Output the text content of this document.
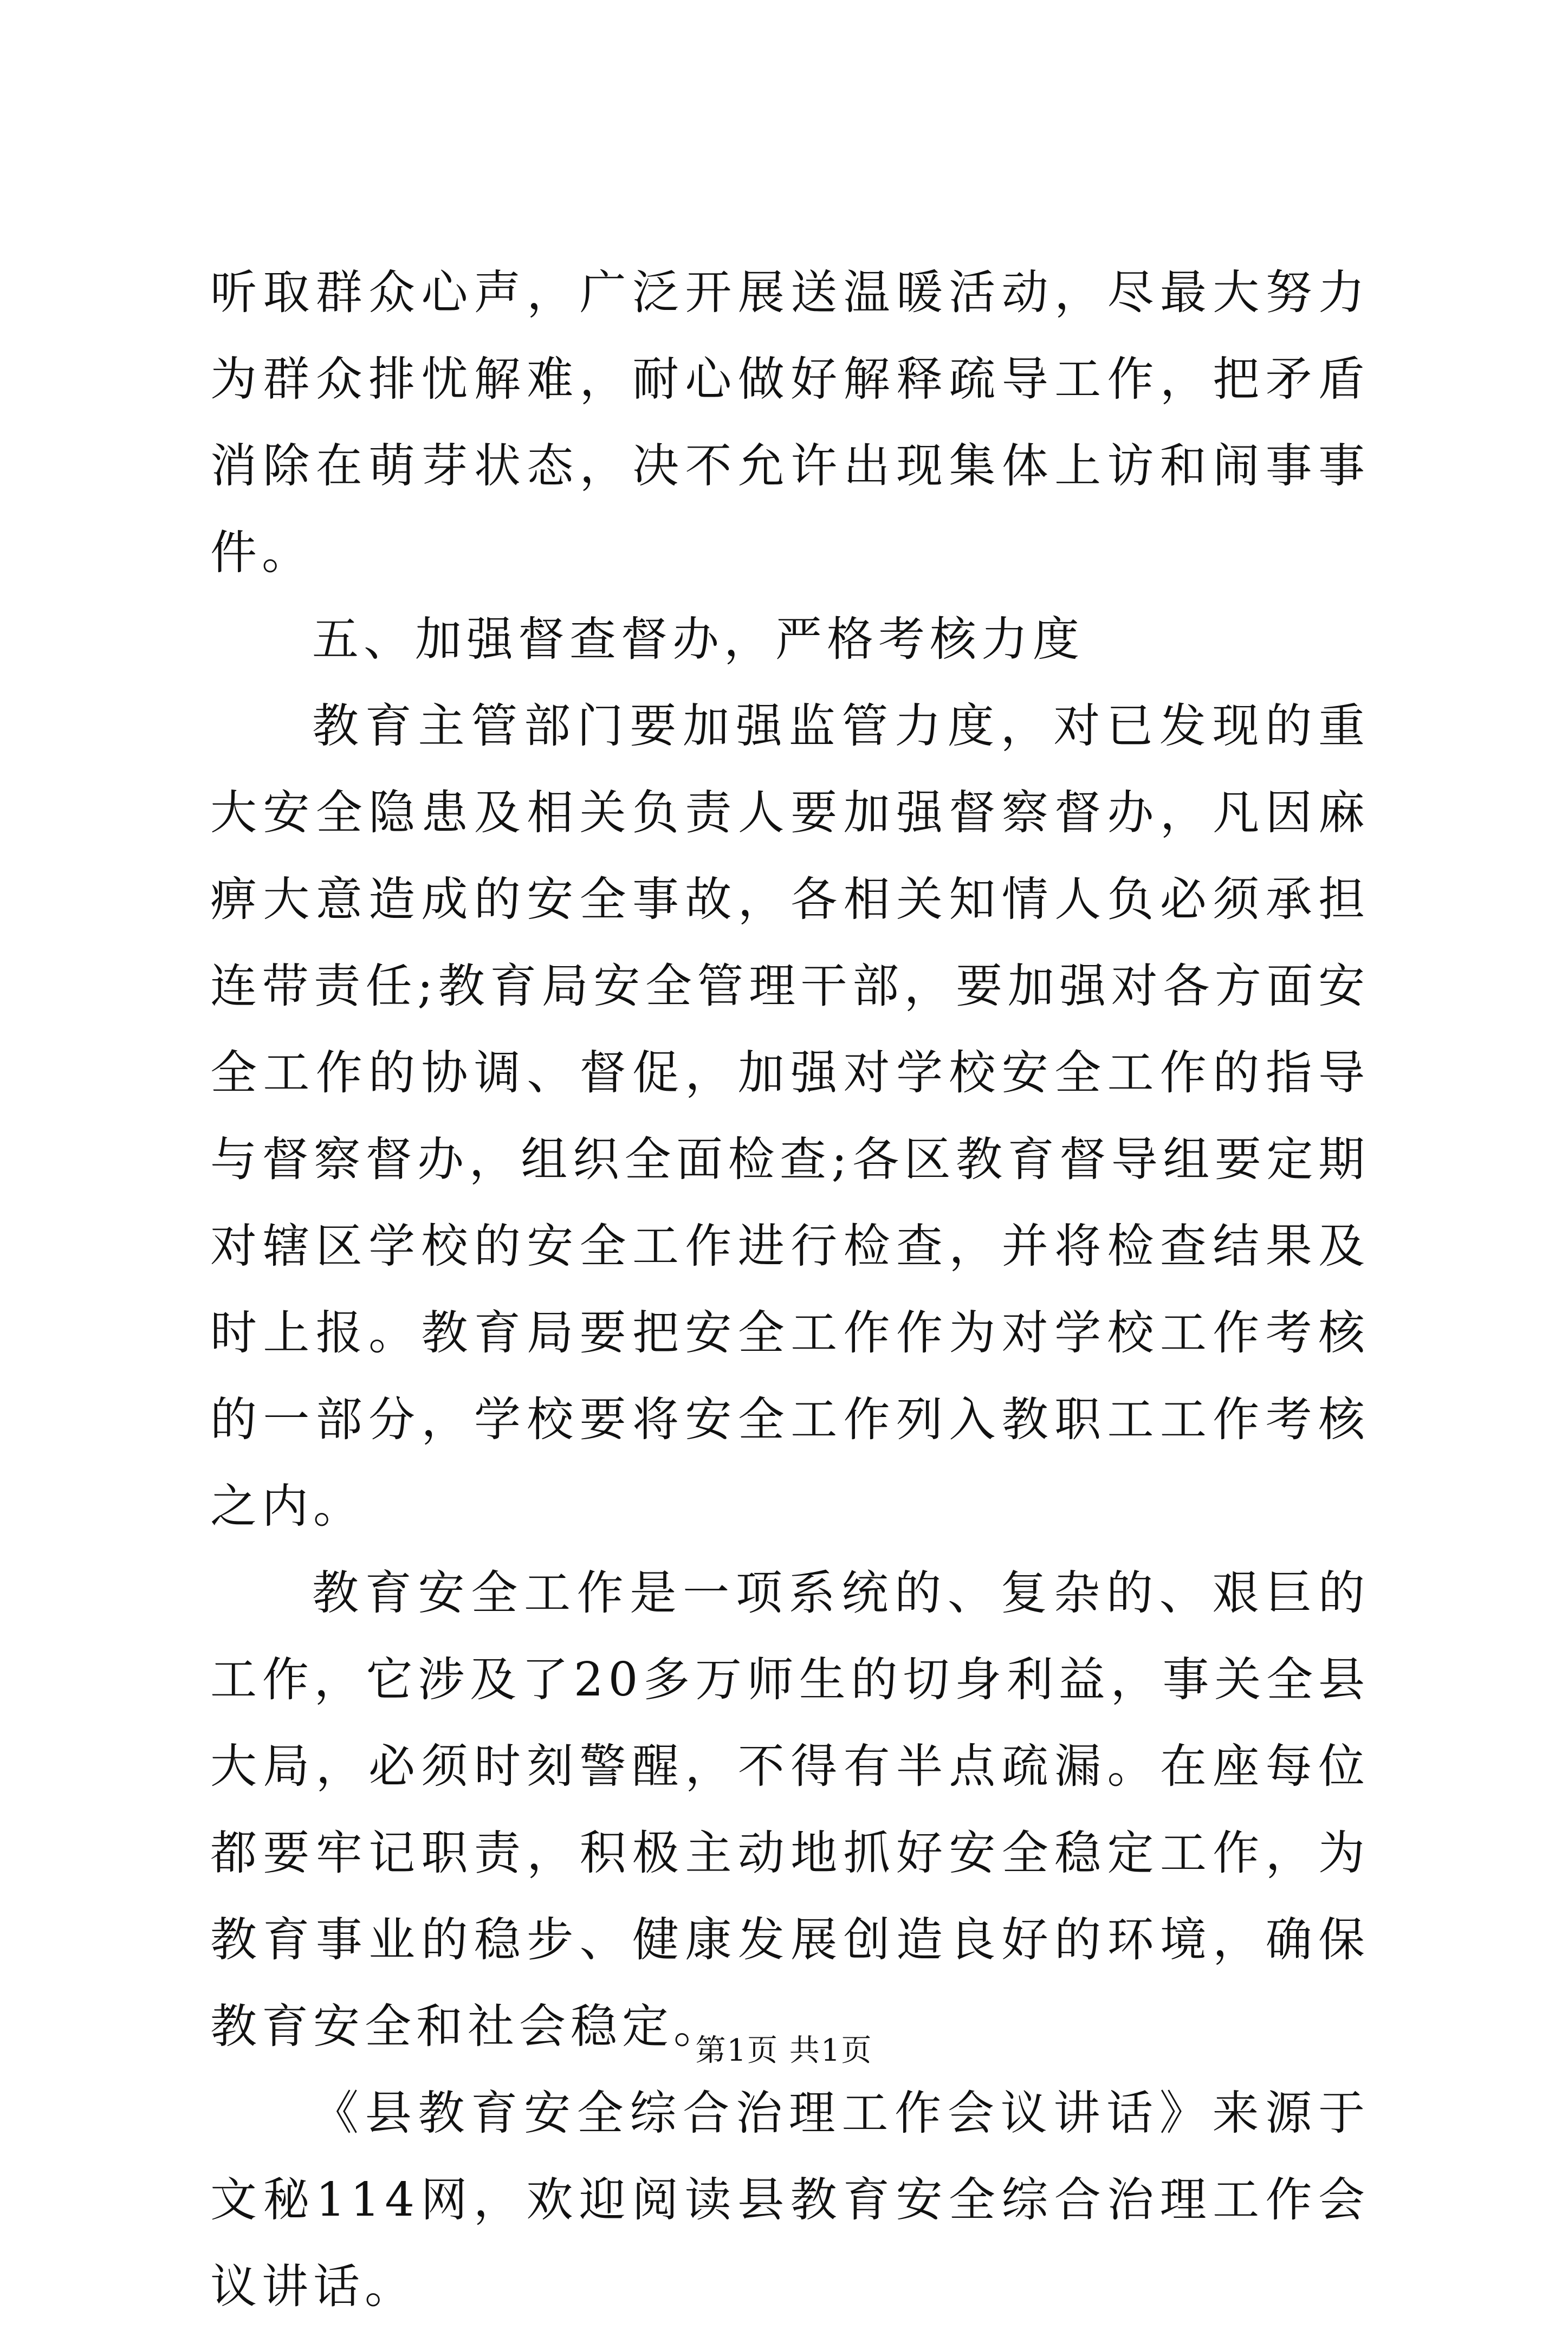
听取群众心声，广泛开展送温暖活动，尽最大努力为群众排忧解难，耐心做好解释疏导工作，把矛盾消除在萌芽状态，决不允许出现集体上访和闹事事件。

五、加强督查督办，严格考核力度

教育主管部门要加强监管力度，对已发现的重大安全隐患及相关负责人要加强督察督办，凡因麻痹大意造成的安全事故，各相关知情人负必须承担连带责任;教育局安全管理干部，要加强对各方面安全工作的协调、督促，加强对学校安全工作的指导与督察督办，组织全面检查;各区教育督导组要定期对辖区学校的安全工作进行检查，并将检查结果及时上报。教育局要把安全工作作为对学校工作考核的一部分，学校要将安全工作列入教职工工作考核之内。

教育安全工作是一项系统的、复杂的、艰巨的工作，它涉及了20多万师生的切身利益，事关全县大局，必须时刻警醒，不得有半点疏漏。在座每位都要牢记职责，积极主动地抓好安全稳定工作，为教育事业的稳步、健康发展创造良好的环境，确保教育安全和社会稳定。

《县教育安全综合治理工作会议讲话》来源于文秘114网，欢迎阅读县教育安全综合治理工作会议讲话。

第1页 共1页
